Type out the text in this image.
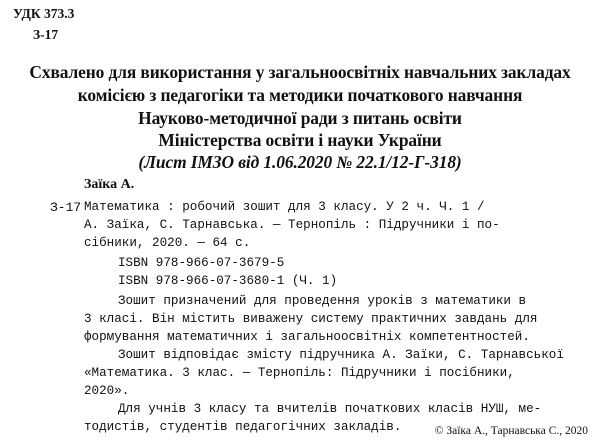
УДК 373.3

З-17

Схвалено для використання у загальноосвітніх навчальних закладах

комісією з педагогіки та методики початкового навчання

Науково-методичної ради з питань освіти

Міністерства освіти і науки України

(Лист ІМЗО від 1.06.2020 № 22.1/12-Г-318)

Заїка А.

З-17 Математика : робочий зошит для 3 класу. У 2 ч. Ч. 1 /

А. Заїка, С. Тарнавська. — Тернопіль : Підручники і по-

сібники, 2020. — 64 с.

ISBN 978-966-07-3679-5

ISBN 978-966-07-3680-1 (Ч. 1)

Зошит призначений для проведення уроків з математики в

3 класі. Він містить виважену систему практичних завдань для

формування математичних і загальноосвітніх компетентностей.

Зошит відповідає змісту підручника А. Заїки, С. Тарнавської

«Математика. 3 клас. — Тернопіль: Підручники і посібники,

2020».

Для учнів 3 класу та вчителів початкових класів НУШ, ме-

тодистів, студентів педагогічних закладів.	© Заїка А., Тарнавська С., 2020
